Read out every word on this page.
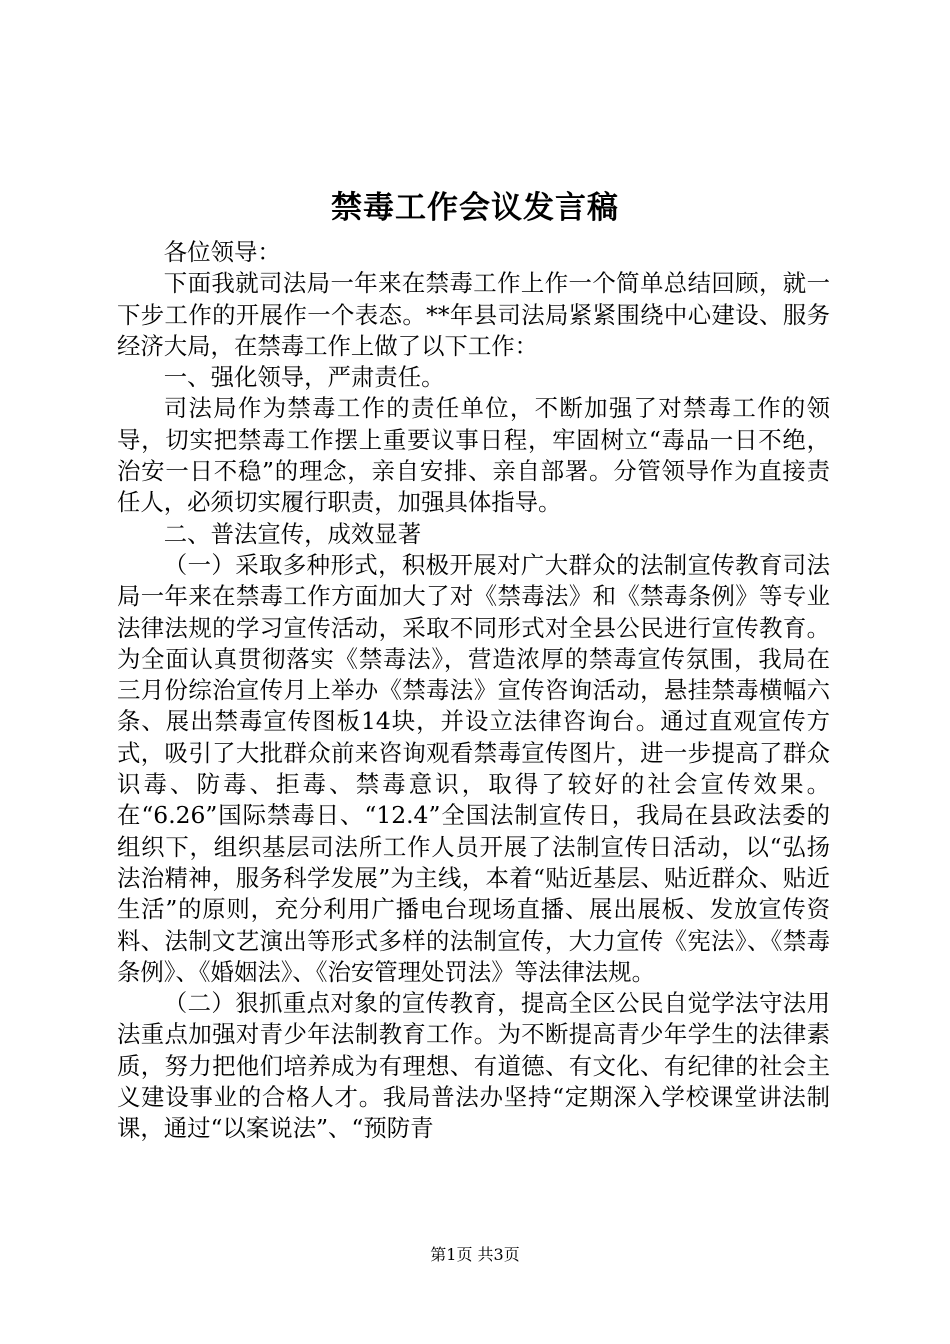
禁毒工作会议发言稿

各位领导：

下面我就司法局一年来在禁毒工作上作一个简单总结回顾，就一下步工作的开展作一个表态。**年县司法局紧紧围绕中心建设、服务经济大局，在禁毒工作上做了以下工作：

一、强化领导，严肃责任。

司法局作为禁毒工作的责任单位，不断加强了对禁毒工作的领导，切实把禁毒工作摆上重要议事日程，牢固树立“毒品一日不绝，治安一日不稳”的理念，亲自安排、亲自部署。分管领导作为直接责任人，必须切实履行职责，加强具体指导。

二、普法宣传，成效显著

（一）采取多种形式，积极开展对广大群众的法制宣传教育司法局一年来在禁毒工作方面加大了对《禁毒法》和《禁毒条例》等专业法律法规的学习宣传活动，采取不同形式对全县公民进行宣传教育。为全面认真贯彻落实《禁毒法》，营造浓厚的禁毒宣传氛围，我局在三月份综治宣传月上举办《禁毒法》宣传咨询活动，悬挂禁毒横幅六条、展出禁毒宣传图板14块，并设立法律咨询台。通过直观宣传方式，吸引了大批群众前来咨询观看禁毒宣传图片，进一步提高了群众识毒、防毒、拒毒、禁毒意识，取得了较好的社会宣传效果。在“6.26”国际禁毒日、“12.4”全国法制宣传日，我局在县政法委的组织下，组织基层司法所工作人员开展了法制宣传日活动，以“弘扬法治精神，服务科学发展”为主线，本着“贴近基层、贴近群众、贴近生活”的原则，充分利用广播电台现场直播、展出展板、发放宣传资料、法制文艺演出等形式多样的法制宣传，大力宣传《宪法》、《禁毒条例》、《婚姻法》、《治安管理处罚法》等法律法规。

（二）狠抓重点对象的宣传教育，提高全区公民自觉学法守法用法重点加强对青少年法制教育工作。为不断提高青少年学生的法律素质，努力把他们培养成为有理想、有道德、有文化、有纪律的社会主义建设事业的合格人才。我局普法办坚持“定期深入学校课堂讲法制课，通过“以案说法”、“预防青

第1页 共3页
